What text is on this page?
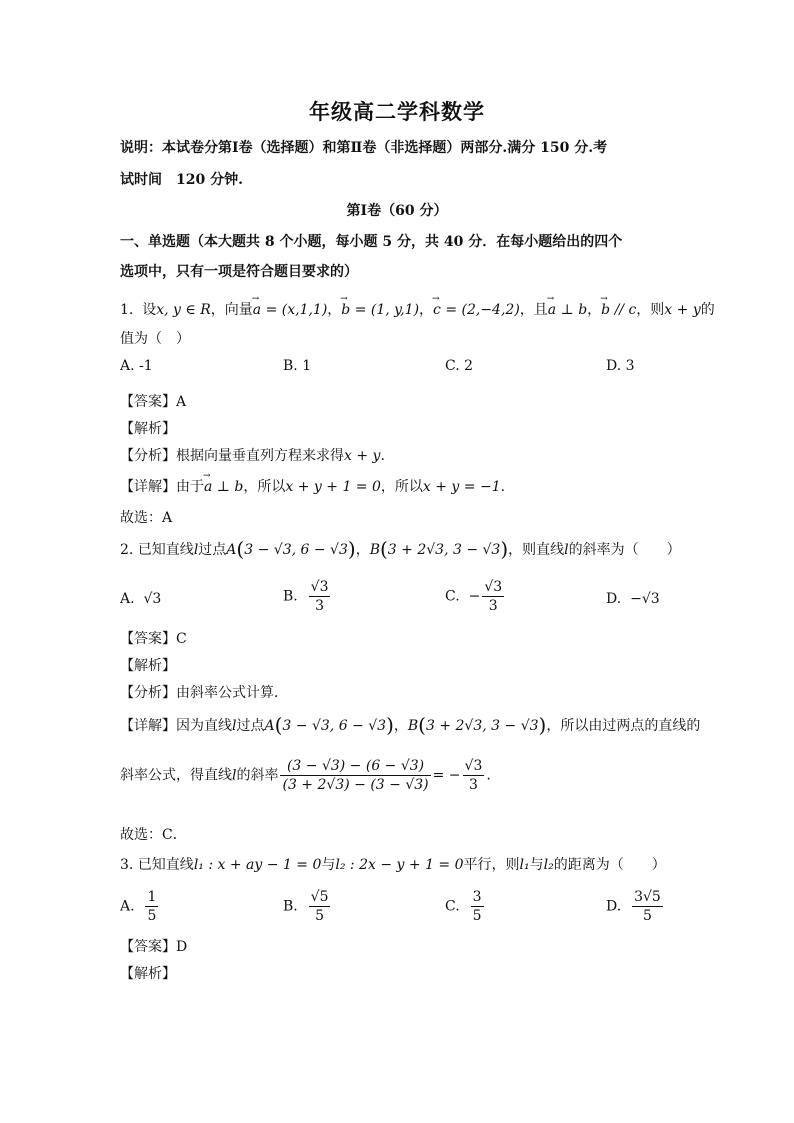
年级高二学科数学
说明：本试卷分第Ⅰ卷（选择题）和第Ⅱ卷（非选择题）两部分.满分 150 分.考
试时间　120 分钟.
第Ⅰ卷（60 分）
一、单选题（本大题共 8 个小题，每小题 5 分，共 40 分．在每小题给出的四个
选项中，只有一项是符合题目要求的）
1. 设x, y ∈ R，向量→ a = (x,1,1)，→ b = (1, y,1)，→ c = (2,−4,2)，且→ a ⊥ b，→ b // c，则x + y的
值为（　）
A. -1	B. 1	C. 2	D. 3
【答案】A
【解析】
【分析】根据向量垂直列方程来求得x + y.
【详解】由于→ a ⊥ b，所以x + y + 1 = 0，所以x + y = −1.
故选：A
2. 已知直线l过点A(3 − √3, 6 − √3)，B(3 + 2√3, 3 − √3)，则直线l的斜率为（　　）
A. √3	B. $\frac{√3}{3}$	C. − $\frac{√3}{3}$	D. −√3
【答案】C
【解析】
【分析】由斜率公式计算．
【详解】因为直线l过点A(3 − √3, 6 − √3)，B(3 + 2√3, 3 − √3)，所以由过两点的直线的
斜率公式，得直线l的斜率 $\frac{(3 - √3) - (6 - √3)}{(3 + 2√3) - (3 - √3)}$ = − $\frac{√3}{3}$ .
故选：C．
3. 已知直线l₁ : x + ay − 1 = 0与l₂ : 2x − y + 1 = 0平行，则l₁与l₂的距离为（　　）
A. $\frac{1}{5}$	B. $\frac{√5}{5}$	C. $\frac{3}{5}$	D. $\frac{3√5}{5}$
【答案】D
【解析】
